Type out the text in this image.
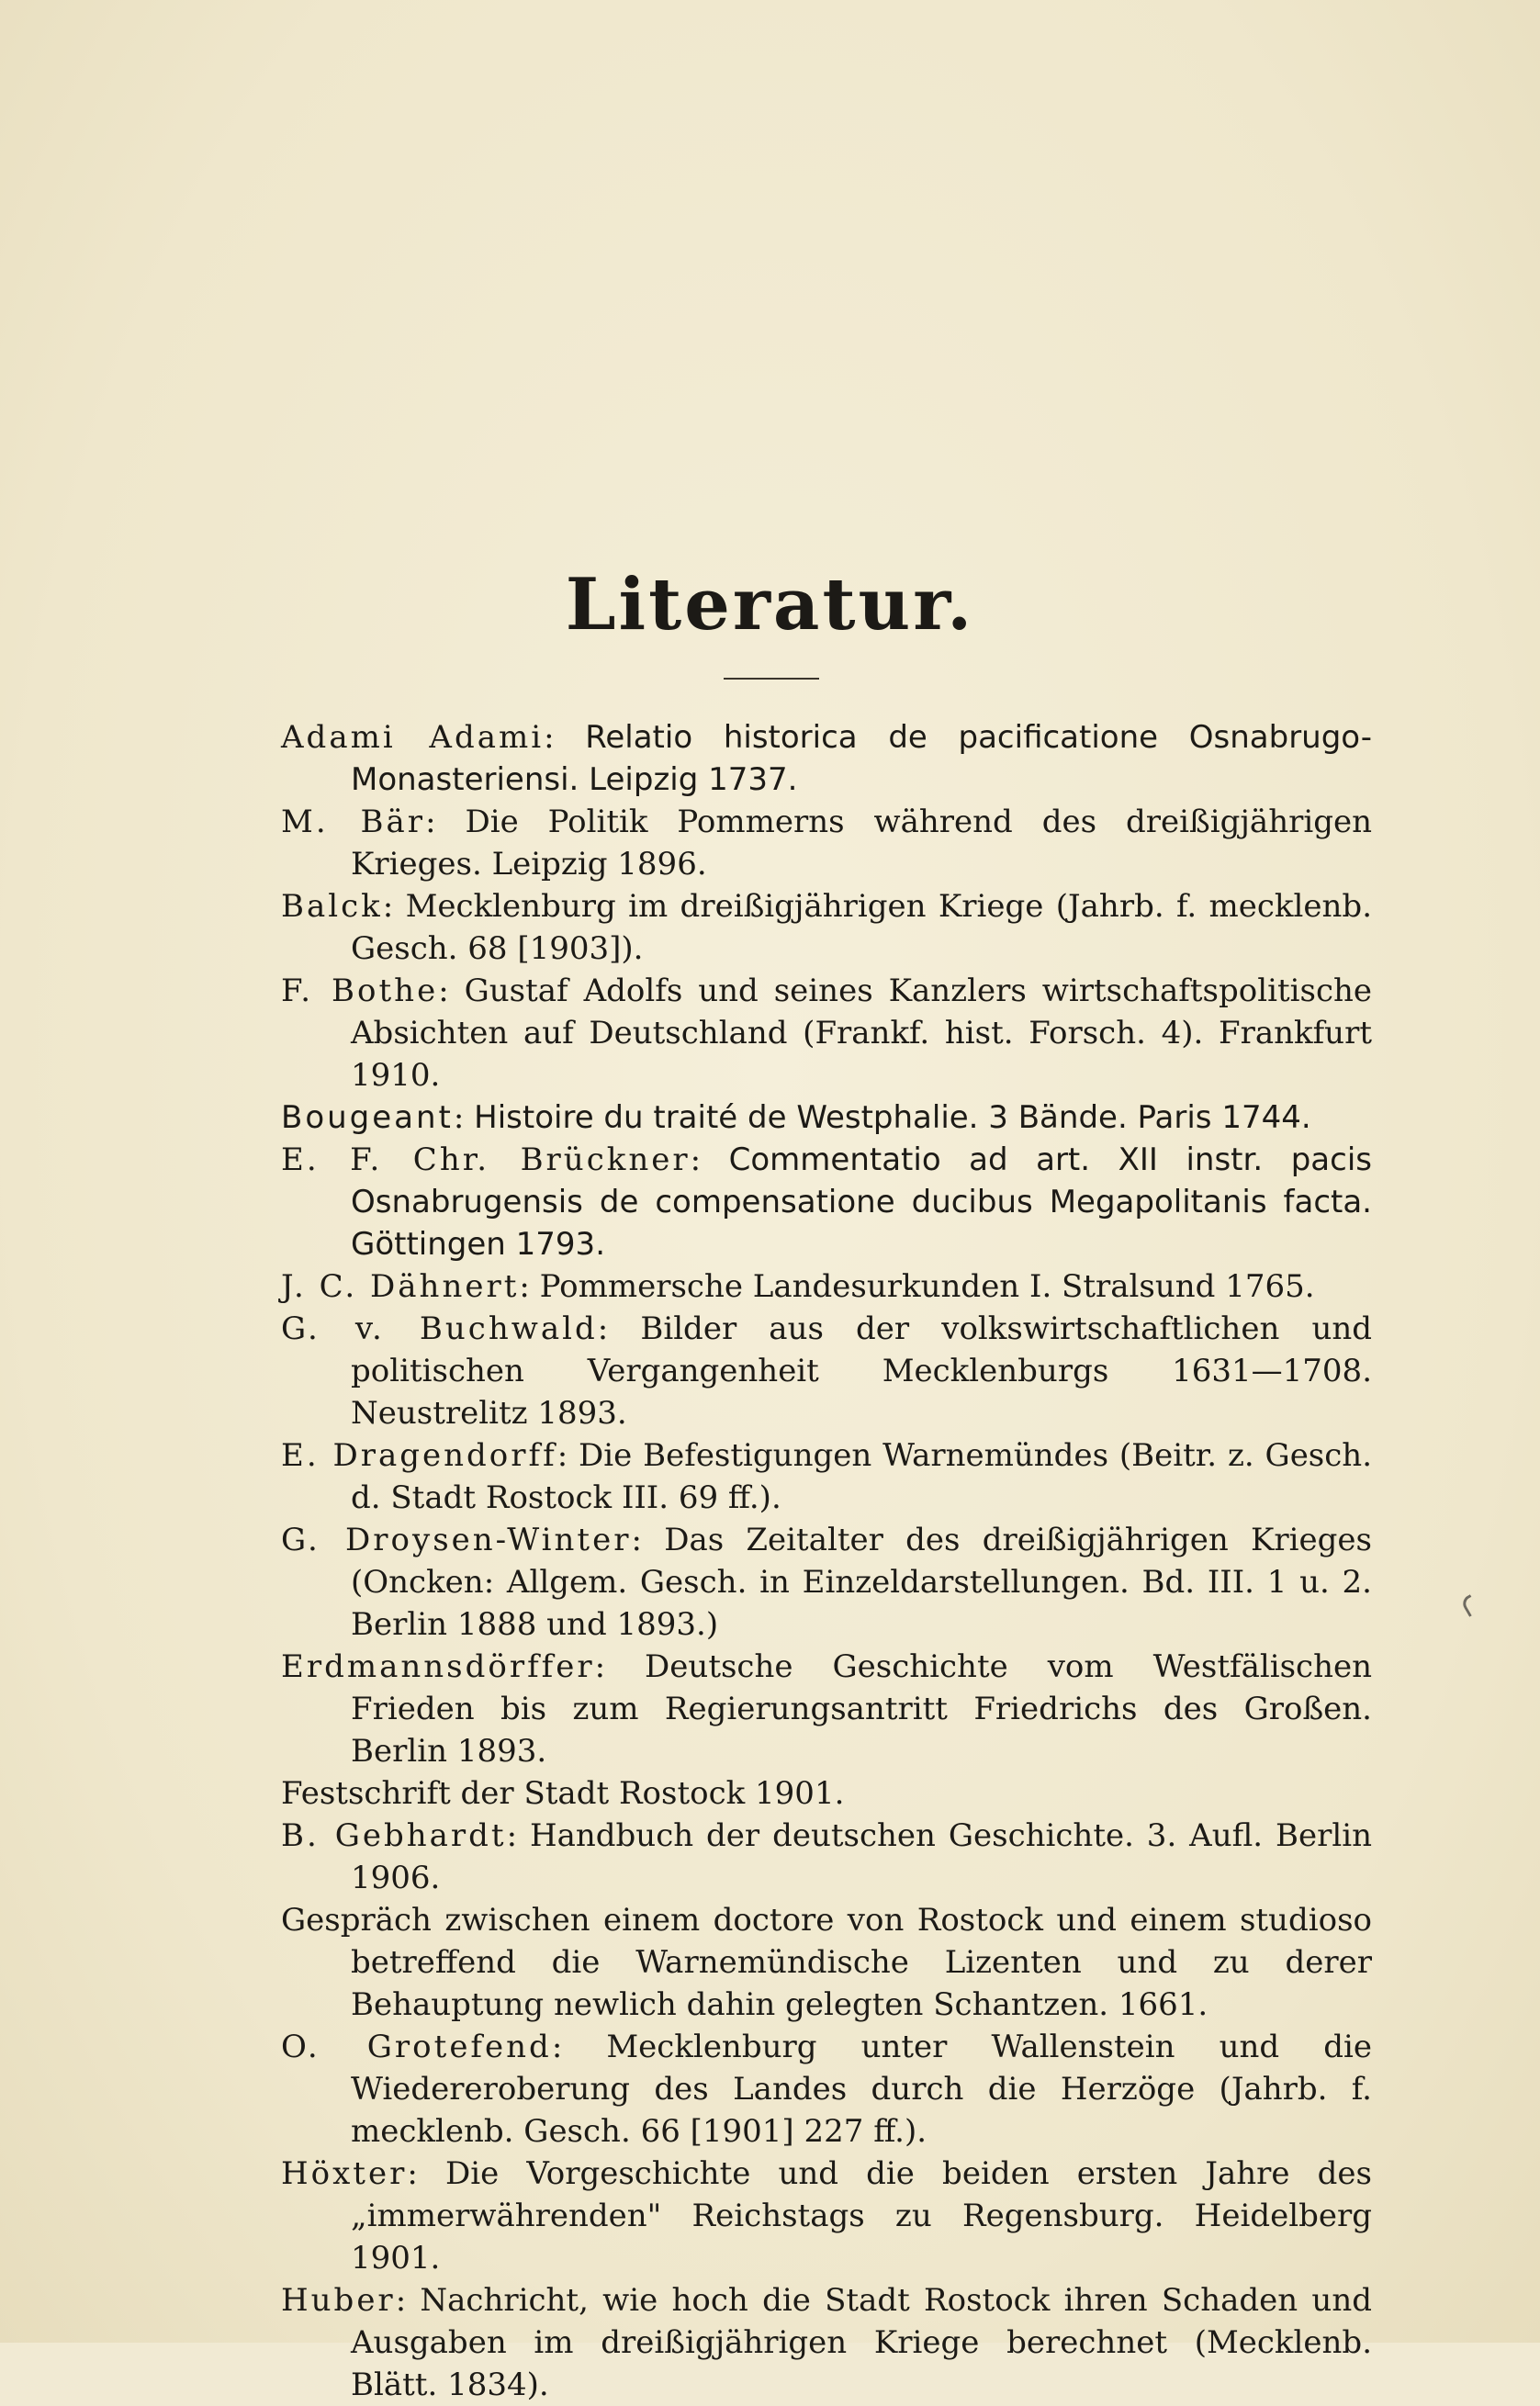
Literatur.
Adami Adami: Relatio historica de pacificatione Osnabrugo-Monasteriensi. Leipzig 1737.
M. Bär: Die Politik Pommerns während des dreißigjährigen Krieges. Leipzig 1896.
Balck: Mecklenburg im dreißigjährigen Kriege (Jahrb. f. mecklenb. Gesch. 68 [1903]).
F. Bothe: Gustaf Adolfs und seines Kanzlers wirtschaftspolitische Absichten auf Deutschland (Frankf. hist. Forsch. 4). Frankfurt 1910.
Bougeant: Histoire du traité de Westphalie. 3 Bände. Paris 1744.
E. F. Chr. Brückner: Commentatio ad art. XII instr. pacis Osnabrugensis de compensatione ducibus Megapolitanis facta. Göttingen 1793.
J. C. Dähnert: Pommersche Landesurkunden I. Stralsund 1765.
G. v. Buchwald: Bilder aus der volkswirtschaftlichen und politischen Vergangenheit Mecklenburgs 1631—1708. Neustrelitz 1893.
E. Dragendorff: Die Befestigungen Warnemündes (Beitr. z. Gesch. d. Stadt Rostock III. 69 ff.).
G. Droysen-Winter: Das Zeitalter des dreißigjährigen Krieges (Oncken: Allgem. Gesch. in Einzeldarstellungen. Bd. III. 1 u. 2. Berlin 1888 und 1893.)
Erdmannsdörffer: Deutsche Geschichte vom Westfälischen Frieden bis zum Regierungsantritt Friedrichs des Großen. Berlin 1893.
Festschrift der Stadt Rostock 1901.
B. Gebhardt: Handbuch der deutschen Geschichte. 3. Aufl. Berlin 1906.
Gespräch zwischen einem doctore von Rostock und einem studioso betreffend die Warnemündische Lizenten und zu derer Behauptung newlich dahin gelegten Schantzen. 1661.
O. Grotefend: Mecklenburg unter Wallenstein und die Wiedereroberung des Landes durch die Herzöge (Jahrb. f. mecklenb. Gesch. 66 [1901] 227 ff.).
Höxter: Die Vorgeschichte und die beiden ersten Jahre des „immerwährenden" Reichstags zu Regensburg. Heidelberg 1901.
Huber: Nachricht, wie hoch die Stadt Rostock ihren Schaden und Ausgaben im dreißigjährigen Kriege berechnet (Mecklenb. Blätt. 1834).
